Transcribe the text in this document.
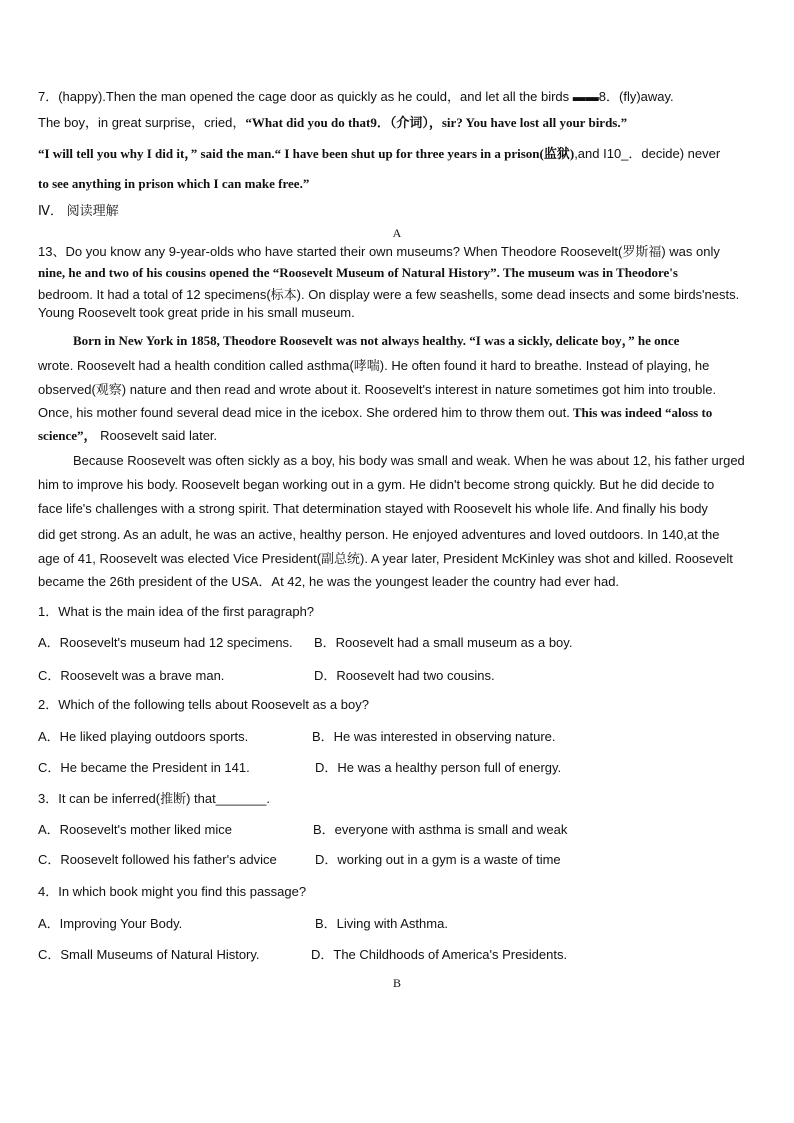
7．(happy).Then the man opened the cage door as quickly as he could，and let all the birds ▬▬8．(fly)away.
The boy，in great surprise，cried，“What did you do that9．（介词），sir? You have lost all your birds.”
“I will tell you why I did it，” said the man.“ I have been shut up for three years in a prison(监狱),and I10_．decide) never
to see anything in prison which I can make free.”
Ⅳ． 阅读理解
A
13、Do you know any 9-year-olds who have started their own museums? When Theodore Roosevelt(罗斯福) was only
nine, he and two of his cousins opened the “Roosevelt Museum of Natural History”. The museum was in Theodore's
bedroom. It had a total of 12 specimens(标本). On display were a few seashells, some dead insects and some birds'nests.
Young Roosevelt took great pride in his small museum.
Born in New York in 1858, Theodore Roosevelt was not always healthy. “I was a sickly, delicate boy，” he once
wrote. Roosevelt had a health condition called asthma(哮喘). He often found it hard to breathe. Instead of playing, he
observed(观察) nature and then read and wrote about it. Roosevelt's interest in nature sometimes got him into trouble.
Once, his mother found several dead mice in the icebox. She ordered him to throw them out. This was indeed “aloss to
science”， Roosevelt said later.
Because Roosevelt was often sickly as a boy, his body was small and weak. When he was about 12, his father urged
him to improve his body. Roosevelt began working out in a gym. He didn't become strong quickly. But he did decide to
face life's challenges with a strong spirit. That determination stayed with Roosevelt his whole life. And finally his body
did get strong. As an adult, he was an active, healthy person. He enjoyed adventures and loved outdoors. In 140,at the
age of 41, Roosevelt was elected Vice President(副总统). A year later, President McKinley was shot and killed. Roosevelt
became the 26th president of the USA．At 42, he was the youngest leader the country had ever had.
1．What is the main idea of the first paragraph?
A．Roosevelt's museum had 12 specimens. B．Roosevelt had a small museum as a boy.
C．Roosevelt was a brave man.	D．Roosevelt had two cousins.
2．Which of the following tells about Roosevelt as a boy?
A．He liked playing outdoors sports.	B．He was interested in observing nature.
C．He became the President in 141.	D．He was a healthy person full of energy.
3．It can be inferred(推断) that_______.
A．Roosevelt's mother liked mice	B．everyone with asthma is small and weak
C．Roosevelt followed his father's advice	D．working out in a gym is a waste of time
4．In which book might you find this passage?
A．Improving Your Body.	B．Living with Asthma.
C．Small Museums of Natural History.	D．The Childhoods of America's Presidents.
B
